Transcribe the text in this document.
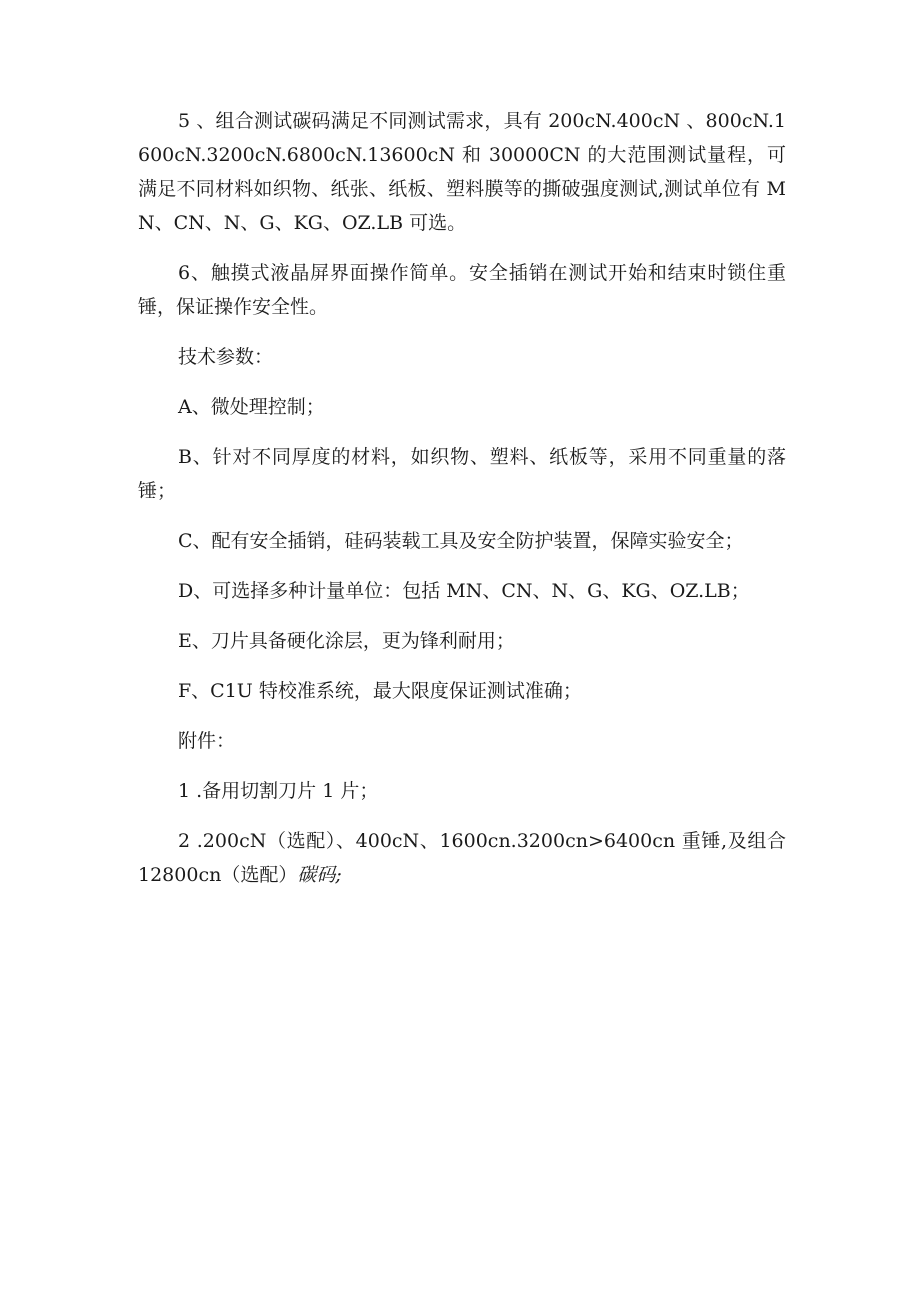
5 、组合测试碳码满足不同测试需求，具有 200cN.400cN 、800cN.1600cN.3200cN.6800cN.13600cN 和 30000CN 的大范围测试量程，可满足不同材料如织物、纸张、纸板、塑料膜等的撕破强度测试,测试单位有 MN、CN、N、G、KG、OZ.LB 可选。

6、触摸式液晶屏界面操作简单。安全插销在测试开始和结束时锁住重锤，保证操作安全性。

技术参数：

A、微处理控制；

B、针对不同厚度的材料，如织物、塑料、纸板等，采用不同重量的落锤；

C、配有安全插销，硅码装载工具及安全防护装置，保障实验安全；

D、可选择多种计量单位：包括 MN、CN、N、G、KG、OZ.LB；

E、刀片具备硬化涂层，更为锋利耐用；

F、C1U 特校准系统，最大限度保证测试准确；

附件：

1 .备用切割刀片 1 片；

2 .200cN（选配）、400cN、1600cn.3200cn>6400cn 重锤,及组合 12800cn（选配）碳码;
